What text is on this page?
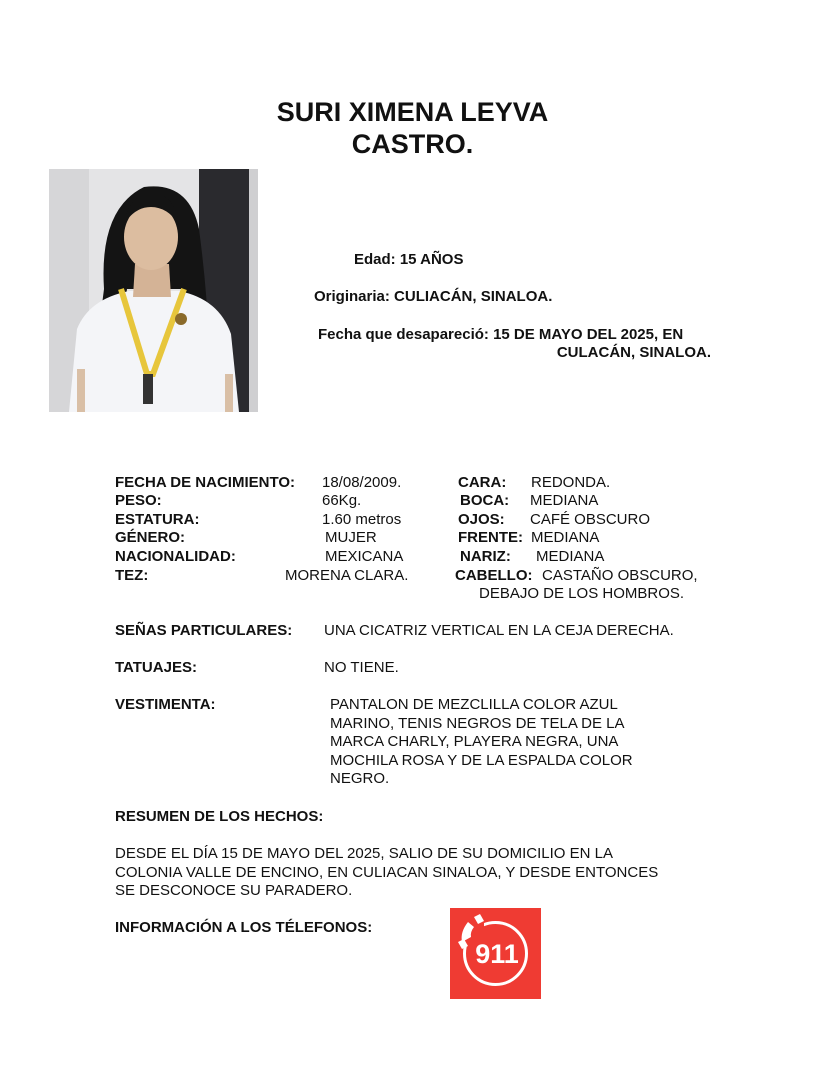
SURI XIMENA LEYVA
CASTRO.
Edad: 15 AÑOS
Originaria: CULIACÁN, SINALOA.
Fecha que desapareció: 15 DE MAYO DEL 2025, EN
CULACÁN, SINALOA.
FECHA DE NACIMIENTO:
PESO:
ESTATURA:
GÉNERO:
NACIONALIDAD:
TEZ:
18/08/2009.
66Kg.
1.60 metros
MUJER
MEXICANA
MORENA CLARA.
CARA:
BOCA:
OJOS:
FRENTE:
NARIZ:
CABELLO:
REDONDA.
MEDIANA
CAFÉ OBSCURO
MEDIANA
MEDIANA
CASTAÑO OBSCURO,
DEBAJO DE LOS HOMBROS.
SEÑAS PARTICULARES: UNA CICATRIZ VERTICAL EN LA CEJA DERECHA.
TATUAJES:	NO TIENE.
VESTIMENTA:	PANTALON DE MEZCLILLA COLOR AZUL
MARINO, TENIS NEGROS DE TELA DE LA
MARCA CHARLY, PLAYERA NEGRA, UNA
MOCHILA ROSA Y DE LA ESPALDA COLOR
NEGRO.
RESUMEN DE LOS HECHOS:
DESDE EL DÍA 15 DE MAYO DEL 2025, SALIO DE SU DOMICILIO EN LA
COLONIA VALLE DE ENCINO, EN CULIACAN SINALOA, Y DESDE ENTONCES
SE DESCONOCE SU PARADERO.
INFORMACIÓN A LOS TÉLEFONOS:
911
